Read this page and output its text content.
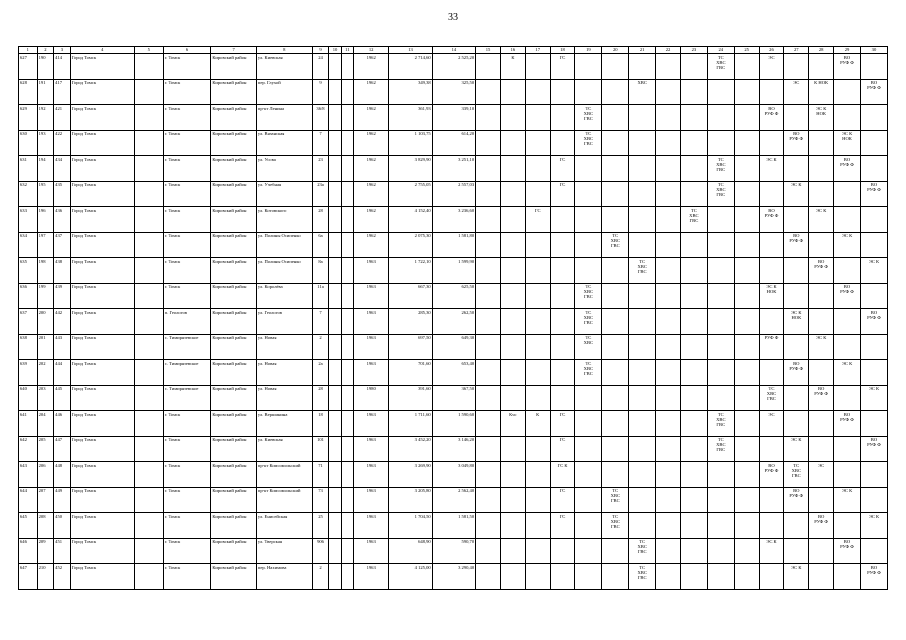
33
1	2	3	4	5	6	7	8	9	10	11	12	13	14	15	16	17	18	19	20	21	22	23	24	25	26	27	28	29	30
627	190	414	Город Томск		г. Томск	Кировский район	ул. Киевская	24			1962	2 714,60	2 525,20		К		ГС						ТС
ХВС
ГВС		ЭС			ВО
РУФ Ф	
628	191	417	Город Томск		г. Томск	Кировский район	пер. Глухой	9			1962	349,38	325,50							ХВС						ЭС	К НОК		ВО
РУФ Ф
629	192	421	Город Томск		г. Томск	Кировский район	пр-кт Ленина	36/8			1962	361,93	339,10					ТС
ХВС
ГВС							ВО
РУФ Ф		ЭС К
НОК		
630	193	422	Город Томск		г. Томск	Кировский район	ул. Вязанская	7			1962	1 103,75	614,20					ТС
ХВС
ГВС								ВО
РУФ Ф		ЭС К
НОК	
631	194	434	Город Томск		г. Томск	Кировский район	ул. Усова	23			1962	3 829,90	3 251,10				ГС						ТС
ХВС
ГВС		ЭС К			ВО
РУФ Ф	
632	195	435	Город Томск		г. Томск	Кировский район	ул. Учебная	23а			1962	2 755,05	2 557,03				ГС						ТС
ХВС
ГВС			ЭС К			ВО
РУФ Ф
633	196	436	Город Томск		г. Томск	Кировский район	ул. Котовского	28			1962	4 152,40	3 236,60			ГС						ТС
ХВС
ГВС			ВО
РУФ Ф		ЭС К		
634	197	437	Город Томск		г. Томск	Кировский район	ул. Полины Осипенко	6а			1962	2 075,30	1 581,80						ТС
ХВС
ГВС							ВО
РУФ Ф		ЭС К	
635	198	438	Город Томск		г. Томск	Кировский район	ул. Полины Осипенко	8а			1963	1 722,10	1 599,90							ТС
ХВС
ГВС							ВО
РУФ Ф		ЭС К
636	199	439	Город Томск		г. Томск	Кировский район	ул. Королёва	11а			1963	667,30	625,50					ТС
ХВС
ГВС							ЭС К
НОК			ВО
РУФ Ф	
637	200	442	Город Томск		п. Геологов	Кировский район	ул. Геологов	7			1963	285,30	262,50					ТС
ХВС
ГВС								ЭС К
НОК			ВО
РУФ Ф
638	201	443	Город Томск		с. Тимирязевское	Кировский район	ул. Новая	2			1963	697,50	649,30					ТС
ХВС							РУФ Ф		ЭС К		
639	202	444	Город Томск		с. Тимирязевское	Кировский район	ул. Новая	2а			1963	701,60	653,40					ТС
ХВС
ГВС								ВО
РУФ Ф		ЭС К	
640	203	445	Город Томск		с. Тимирязевское	Кировский район	ул. Новая	28			1980	391,60	367,50												ТС
ХВС
ГВС		ВО
РУФ Ф		ЭС К
641	204	446	Город Томск		г. Томск	Кировский район	ул. Вершинина	18			1963	1 711,60	1 590,60		Кчс	К	ГС						ТС
ХВС
ГВС		ЭС			ВО
РУФ Ф	
642	205	447	Город Томск		г. Томск	Кировский район	ул. Киевская	101			1963	3 452,20	3 146,20				ГС						ТС
ХВС
ГВС			ЭС К			ВО
РУФ Ф
643	206	448	Город Томск		г. Томск	Кировский район	пр-кт Комсомольский	71			1963	3 269,90	3 049,80				ГС К								ВО
РУФ Ф	ТС
ХВС
ГВС	ЭС		
644	207	449	Город Томск		г. Томск	Кировский район	пр-кт Комсомольский	73			1963	3 205,80	2 562,40				ГС		ТС
ХВС
ГВС							ВО
РУФ Ф		ЭС К	
645	208	450	Город Томск		г. Томск	Кировский район	ул. Енисейская	25			1963	1 704,50	1 581,50				ГС		ТС
ХВС
ГВС								ВО
РУФ Ф		ЭС К
646	209	451	Город Томск		г. Томск	Кировский район	ул. Тверская	906			1963	648,90	590,70							ТС
ХВС
ГВС					ЭС К			ВО
РУФ Ф	
647	210	452	Город Томск		г. Томск	Кировский район	пер. Нахимова	2			1963	4 125,00	3 290,40							ТС
ХВС
ГВС						ЭС К			ВО
РУФ Ф
